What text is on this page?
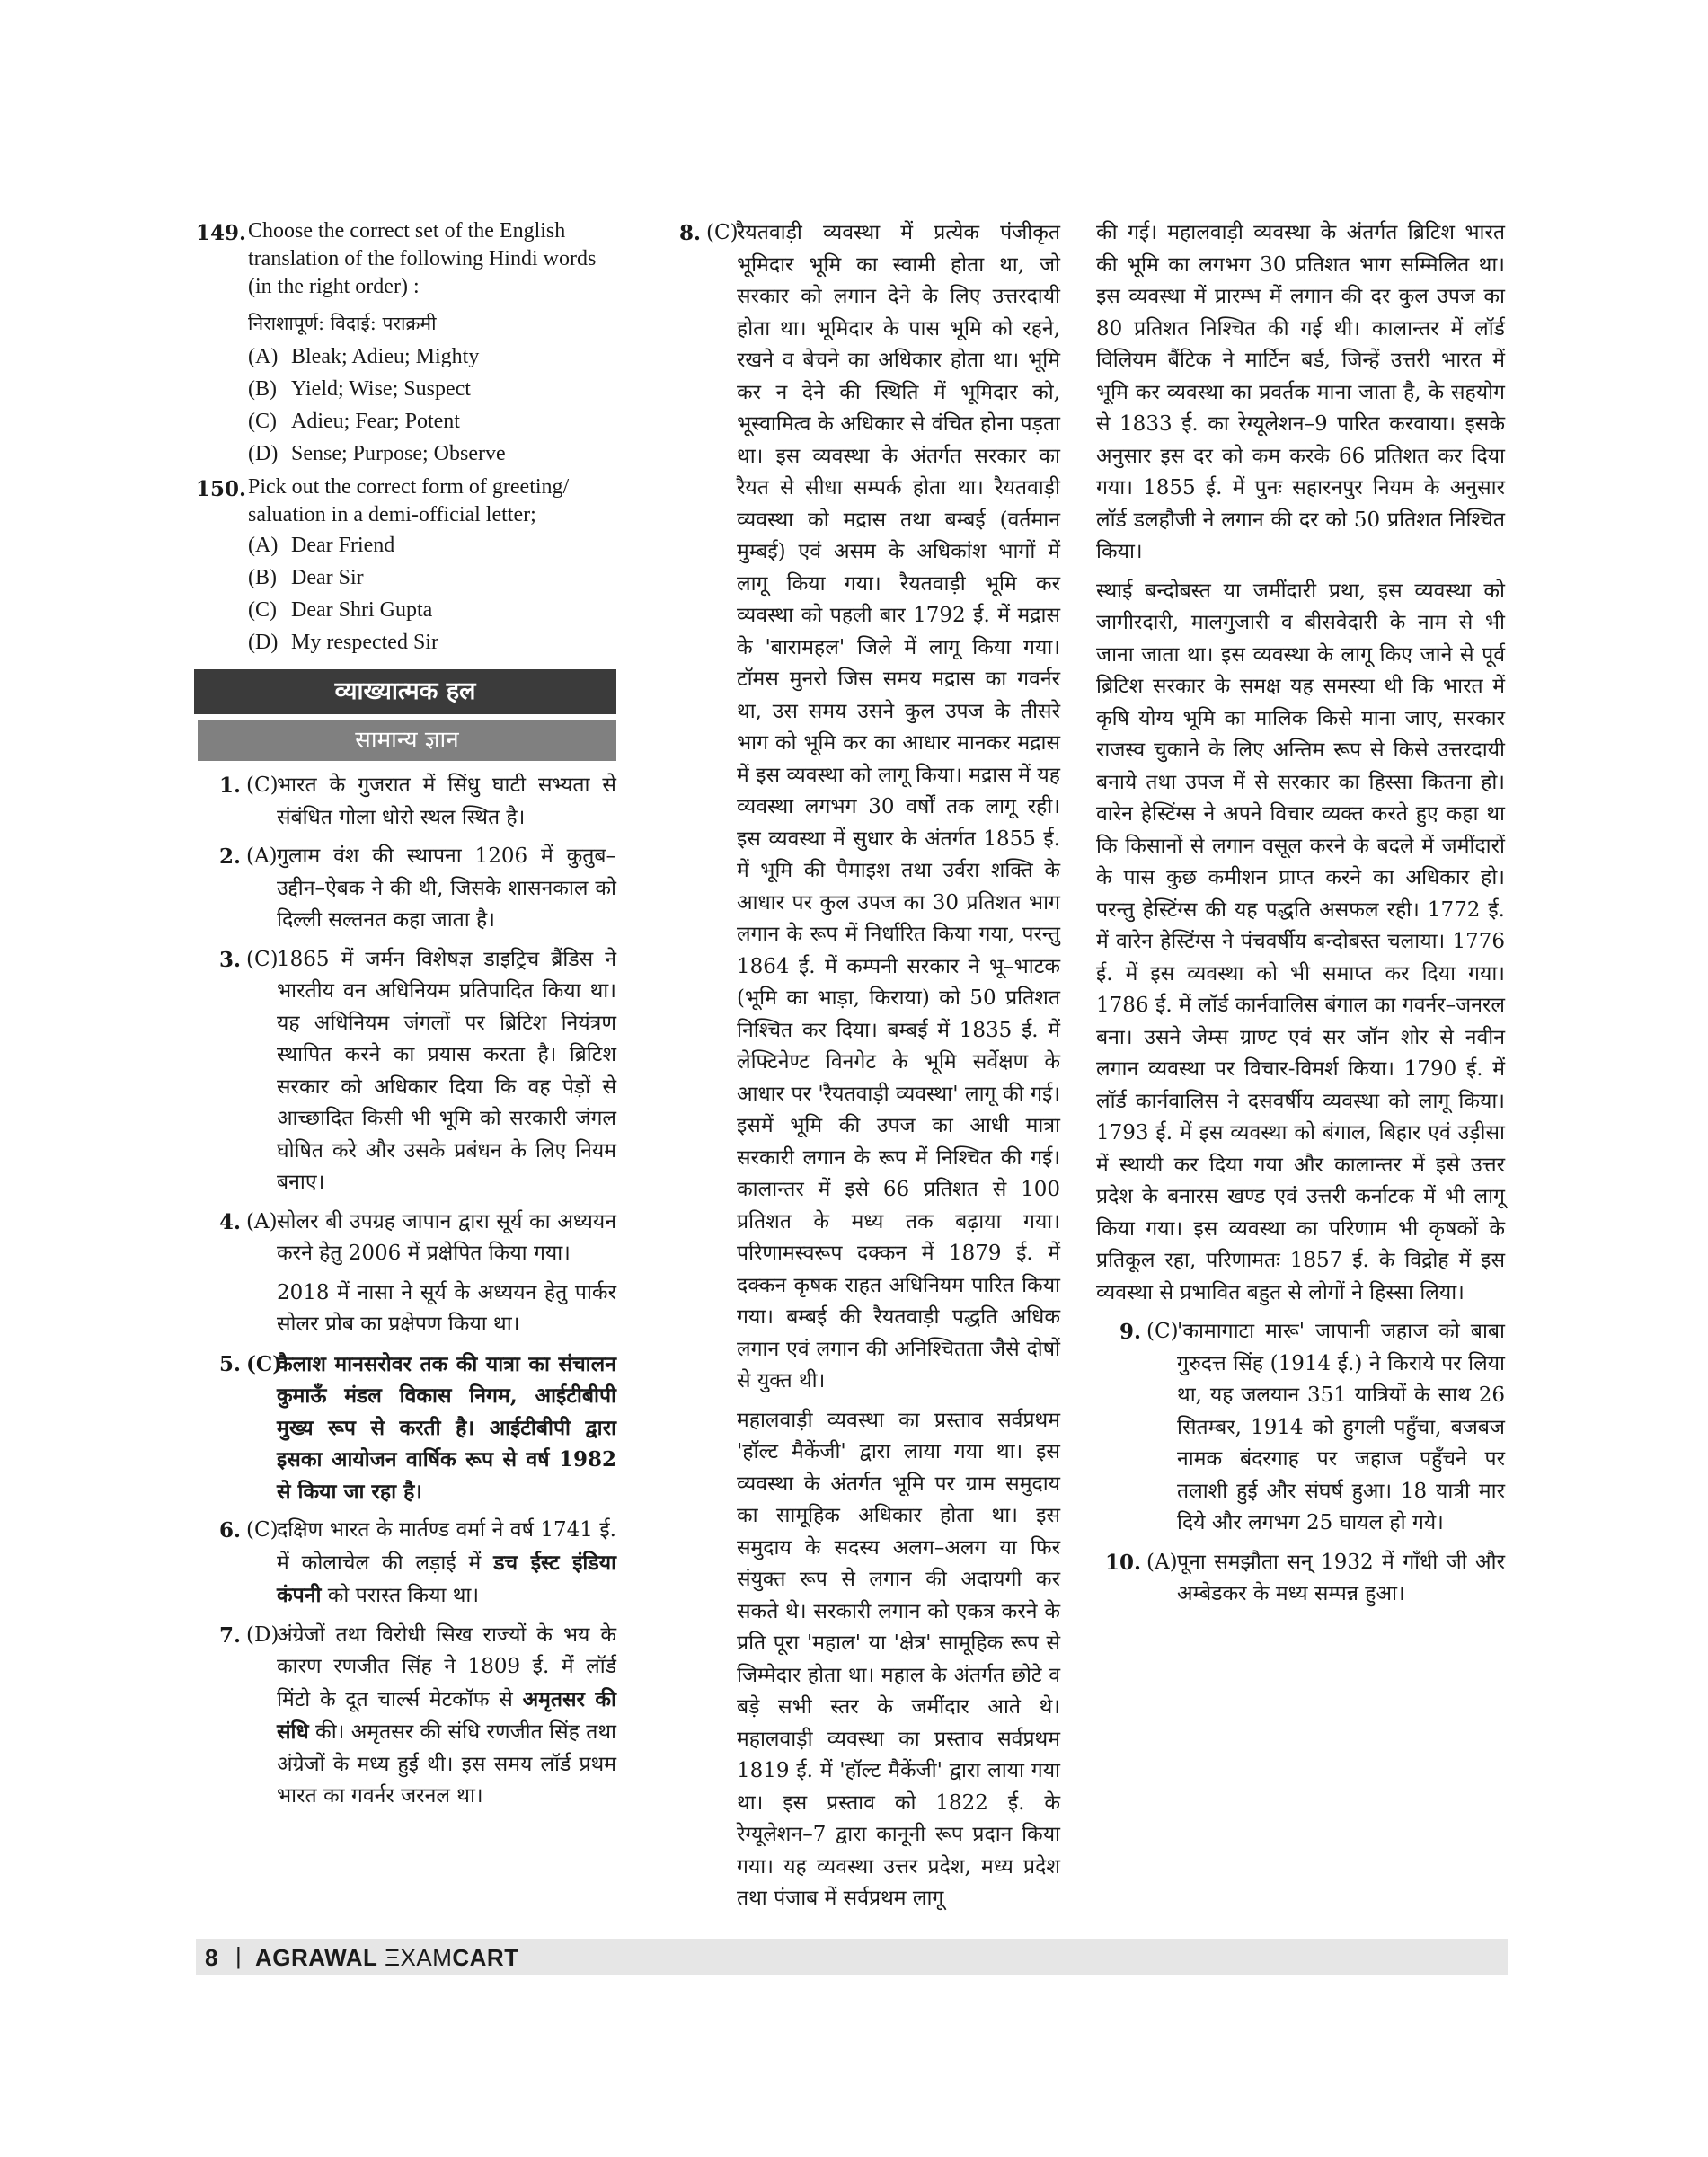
149. Choose the correct set of the English translation of the following Hindi words (in the right order) :
निराशापूर्ण: विदाई: पराक्रमी
(A) Bleak; Adieu; Mighty
(B) Yield; Wise; Suspect
(C) Adieu; Fear; Potent
(D) Sense; Purpose; Observe
150. Pick out the correct form of greeting/ saluation in a demi-official letter;
(A) Dear Friend
(B) Dear Sir
(C) Dear Shri Gupta
(D) My respected Sir
व्याख्यात्मक हल
सामान्य ज्ञान
1. (C)
भारत के गुजरात में सिंधु घाटी सभ्यता से संबंधित गोला धोरो स्थल स्थित है।
2. (A) गुलाम वंश की स्थापना 1206 में कुतुब–उद्दीन–ऐबक ने की थी, जिसके शासनकाल को दिल्ली सल्तनत कहा जाता है।
3. (C)
1865 में जर्मन विशेषज्ञ डाइट्रिच ब्रैंडिस ने भारतीय वन अधिनियम प्रतिपादित किया था। यह अधिनियम जंगलों पर ब्रिटिश नियंत्रण स्थापित करने का प्रयास करता है। ब्रिटिश सरकार को अधिकार दिया कि वह पेड़ों से आच्छादित किसी भी भूमि को सरकारी जंगल घोषित करे और उसके प्रबंधन के लिए नियम बनाए।
4. (A) सोलर बी उपग्रह जापान द्वारा सूर्य का अध्ययन करने हेतु 2006 में प्रक्षेपित किया गया।
2018 में नासा ने सूर्य के अध्ययन हेतु पार्कर सोलर प्रोब का प्रक्षेपण किया था।
5. (C)
कैलाश मानसरोवर तक की यात्रा का संचालन कुमाऊँ मंडल विकास निगम, आईटीबीपी मुख्य रूप से करती है। आईटीबीपी द्वारा इसका आयोजन वार्षिक रूप से वर्ष 1982 से किया जा रहा है।
6. (C)
दक्षिण भारत के मार्तण्ड वर्मा ने वर्ष 1741 ई. में कोलाचेल की लड़ाई में डच ईस्ट इंडिया कंपनी को परास्त किया था।
7. (D)
अंग्रेजों तथा विरोधी सिख राज्यों के भय के कारण रणजीत सिंह ने 1809 ई. में लॉर्ड मिंटो के दूत चार्ल्स मेटकॉफ से अमृतसर की संधि की। अमृतसर की संधि रणजीत सिंह तथा अंग्रेजों के मध्य हुई थी। इस समय लॉर्ड प्रथम भारत का गवर्नर जरनल था।
8. (C)
रैयतवाड़ी व्यवस्था में प्रत्येक पंजीकृत भूमिदार भूमि का स्वामी होता था, जो सरकार को लगान देने के लिए उत्तरदायी होता था। भूमिदार के पास भूमि को रहने, रखने व बेचने का अधिकार होता था। भूमि कर न देने की स्थिति में भूमिदार को, भूस्वामित्व के अधिकार से वंचित होना पड़ता था। इस व्यवस्था के अंतर्गत सरकार का रैयत से सीधा सम्पर्क होता था। रैयतवाड़ी व्यवस्था को मद्रास तथा बम्बई (वर्तमान मुम्बई) एवं असम के अधिकांश भागों में लागू किया गया। रैयतवाड़ी भूमि कर व्यवस्था को पहली बार 1792 ई. में मद्रास के 'बारामहल' जिले में लागू किया गया। टॉमस मुनरो जिस समय मद्रास का गवर्नर था, उस समय उसने कुल उपज के तीसरे भाग को भूमि कर का आधार मानकर मद्रास में इस व्यवस्था को लागू किया। मद्रास में यह व्यवस्था लगभग 30 वर्षों तक लागू रही। इस व्यवस्था में सुधार के अंतर्गत 1855 ई. में भूमि की पैमाइश तथा उर्वरा शक्ति के आधार पर कुल उपज का 30 प्रतिशत भाग लगान के रूप में निर्धारित किया गया, परन्तु 1864 ई. में कम्पनी सरकार ने भू–भाटक (भूमि का भाड़ा, किराया) को 50 प्रतिशत निश्चित कर दिया। बम्बई में 1835 ई. में लेफ्टिनेण्ट विनगेट के भूमि सर्वेक्षण के आधार पर 'रैयतवाड़ी व्यवस्था' लागू की गई। इसमें भूमि की उपज का आधी मात्रा सरकारी लगान के रूप में निश्चित की गई। कालान्तर में इसे 66 प्रतिशत से 100 प्रतिशत के मध्य तक बढ़ाया गया। परिणामस्वरूप दक्कन में 1879 ई. में दक्कन कृषक राहत अधिनियम पारित किया गया। बम्बई की रैयतवाड़ी पद्धति अधिक लगान एवं लगान की अनिश्चितता जैसे दोषों से युक्त थी।
महालवाड़ी व्यवस्था का प्रस्ताव सर्वप्रथम 'हॉल्ट मैकेंजी' द्वारा लाया गया था। इस व्यवस्था के अंतर्गत भूमि पर ग्राम समुदाय का सामूहिक अधिकार होता था। इस समुदाय के सदस्य अलग–अलग या फिर संयुक्त रूप से लगान की अदायगी कर सकते थे। सरकारी लगान को एकत्र करने के प्रति पूरा 'महाल' या 'क्षेत्र' सामूहिक रूप से जिम्मेदार होता था। महाल के अंतर्गत छोटे व बड़े सभी स्तर के जमींदार आते थे। महालवाड़ी व्यवस्था का प्रस्ताव सर्वप्रथम 1819 ई. में 'हॉल्ट मैकेंजी' द्वारा लाया गया था। इस प्रस्ताव को 1822 ई. के रेग्यूलेशन–7 द्वारा कानूनी रूप प्रदान किया गया। यह व्यवस्था उत्तर प्रदेश, मध्य प्रदेश तथा पंजाब में सर्वप्रथम लागू
की गई। महालवाड़ी व्यवस्था के अंतर्गत ब्रिटिश भारत की भूमि का लगभग 30 प्रतिशत भाग सम्मिलित था। इस व्यवस्था में प्रारम्भ में लगान की दर कुल उपज का 80 प्रतिशत निश्चित की गई थी। कालान्तर में लॉर्ड विलियम बैंटिक ने मार्टिन बर्ड, जिन्हें उत्तरी भारत में भूमि कर व्यवस्था का प्रवर्तक माना जाता है, के सहयोग से 1833 ई. का रेग्यूलेशन–9 पारित करवाया। इसके अनुसार इस दर को कम करके 66 प्रतिशत कर दिया गया। 1855 ई. में पुनः सहारनपुर नियम के अनुसार लॉर्ड डलहौजी ने लगान की दर को 50 प्रतिशत निश्चित किया।
स्थाई बन्दोबस्त या जमींदारी प्रथा, इस व्यवस्था को जागीरदारी, मालगुजारी व बीसवेदारी के नाम से भी जाना जाता था। इस व्यवस्था के लागू किए जाने से पूर्व ब्रिटिश सरकार के समक्ष यह समस्या थी कि भारत में कृषि योग्य भूमि का मालिक किसे माना जाए, सरकार राजस्व चुकाने के लिए अन्तिम रूप से किसे उत्तरदायी बनाये तथा उपज में से सरकार का हिस्सा कितना हो। वारेन हेस्टिंग्स ने अपने विचार व्यक्त करते हुए कहा था कि किसानों से लगान वसूल करने के बदले में जमींदारों के पास कुछ कमीशन प्राप्त करने का अधिकार हो। परन्तु हेस्टिंग्स की यह पद्धति असफल रही। 1772 ई. में वारेन हेस्टिंग्स ने पंचवर्षीय बन्दोबस्त चलाया। 1776 ई. में इस व्यवस्था को भी समाप्त कर दिया गया। 1786 ई. में लॉर्ड कार्नवालिस बंगाल का गवर्नर–जनरल बना। उसने जेम्स ग्राण्ट एवं सर जॉन शोर से नवीन लगान व्यवस्था पर विचार-विमर्श किया। 1790 ई. में लॉर्ड कार्नवालिस ने दसवर्षीय व्यवस्था को लागू किया। 1793 ई. में इस व्यवस्था को बंगाल, बिहार एवं उड़ीसा में स्थायी कर दिया गया और कालान्तर में इसे उत्तर प्रदेश के बनारस खण्ड एवं उत्तरी कर्नाटक में भी लागू किया गया। इस व्यवस्था का परिणाम भी कृषकों के प्रतिकूल रहा, परिणामतः 1857 ई. के विद्रोह में इस व्यवस्था से प्रभावित बहुत से लोगों ने हिस्सा लिया।
9. (C)
'कामागाटा मारू' जापानी जहाज को बाबा गुरुदत्त सिंह (1914 ई.) ने किराये पर लिया था, यह जलयान 351 यात्रियों के साथ 26 सितम्बर, 1914 को हुगली पहुँचा, बजबज नामक बंदरगाह पर जहाज पहुँचने पर तलाशी हुई और संघर्ष हुआ। 18 यात्री मार दिये और लगभग 25 घायल हो गये।
10. (A) पूना समझौता सन् 1932 में गाँधी जी और अम्बेडकर के मध्य सम्पन्न हुआ।
8 | AGRAWAL ΞXAMCART
